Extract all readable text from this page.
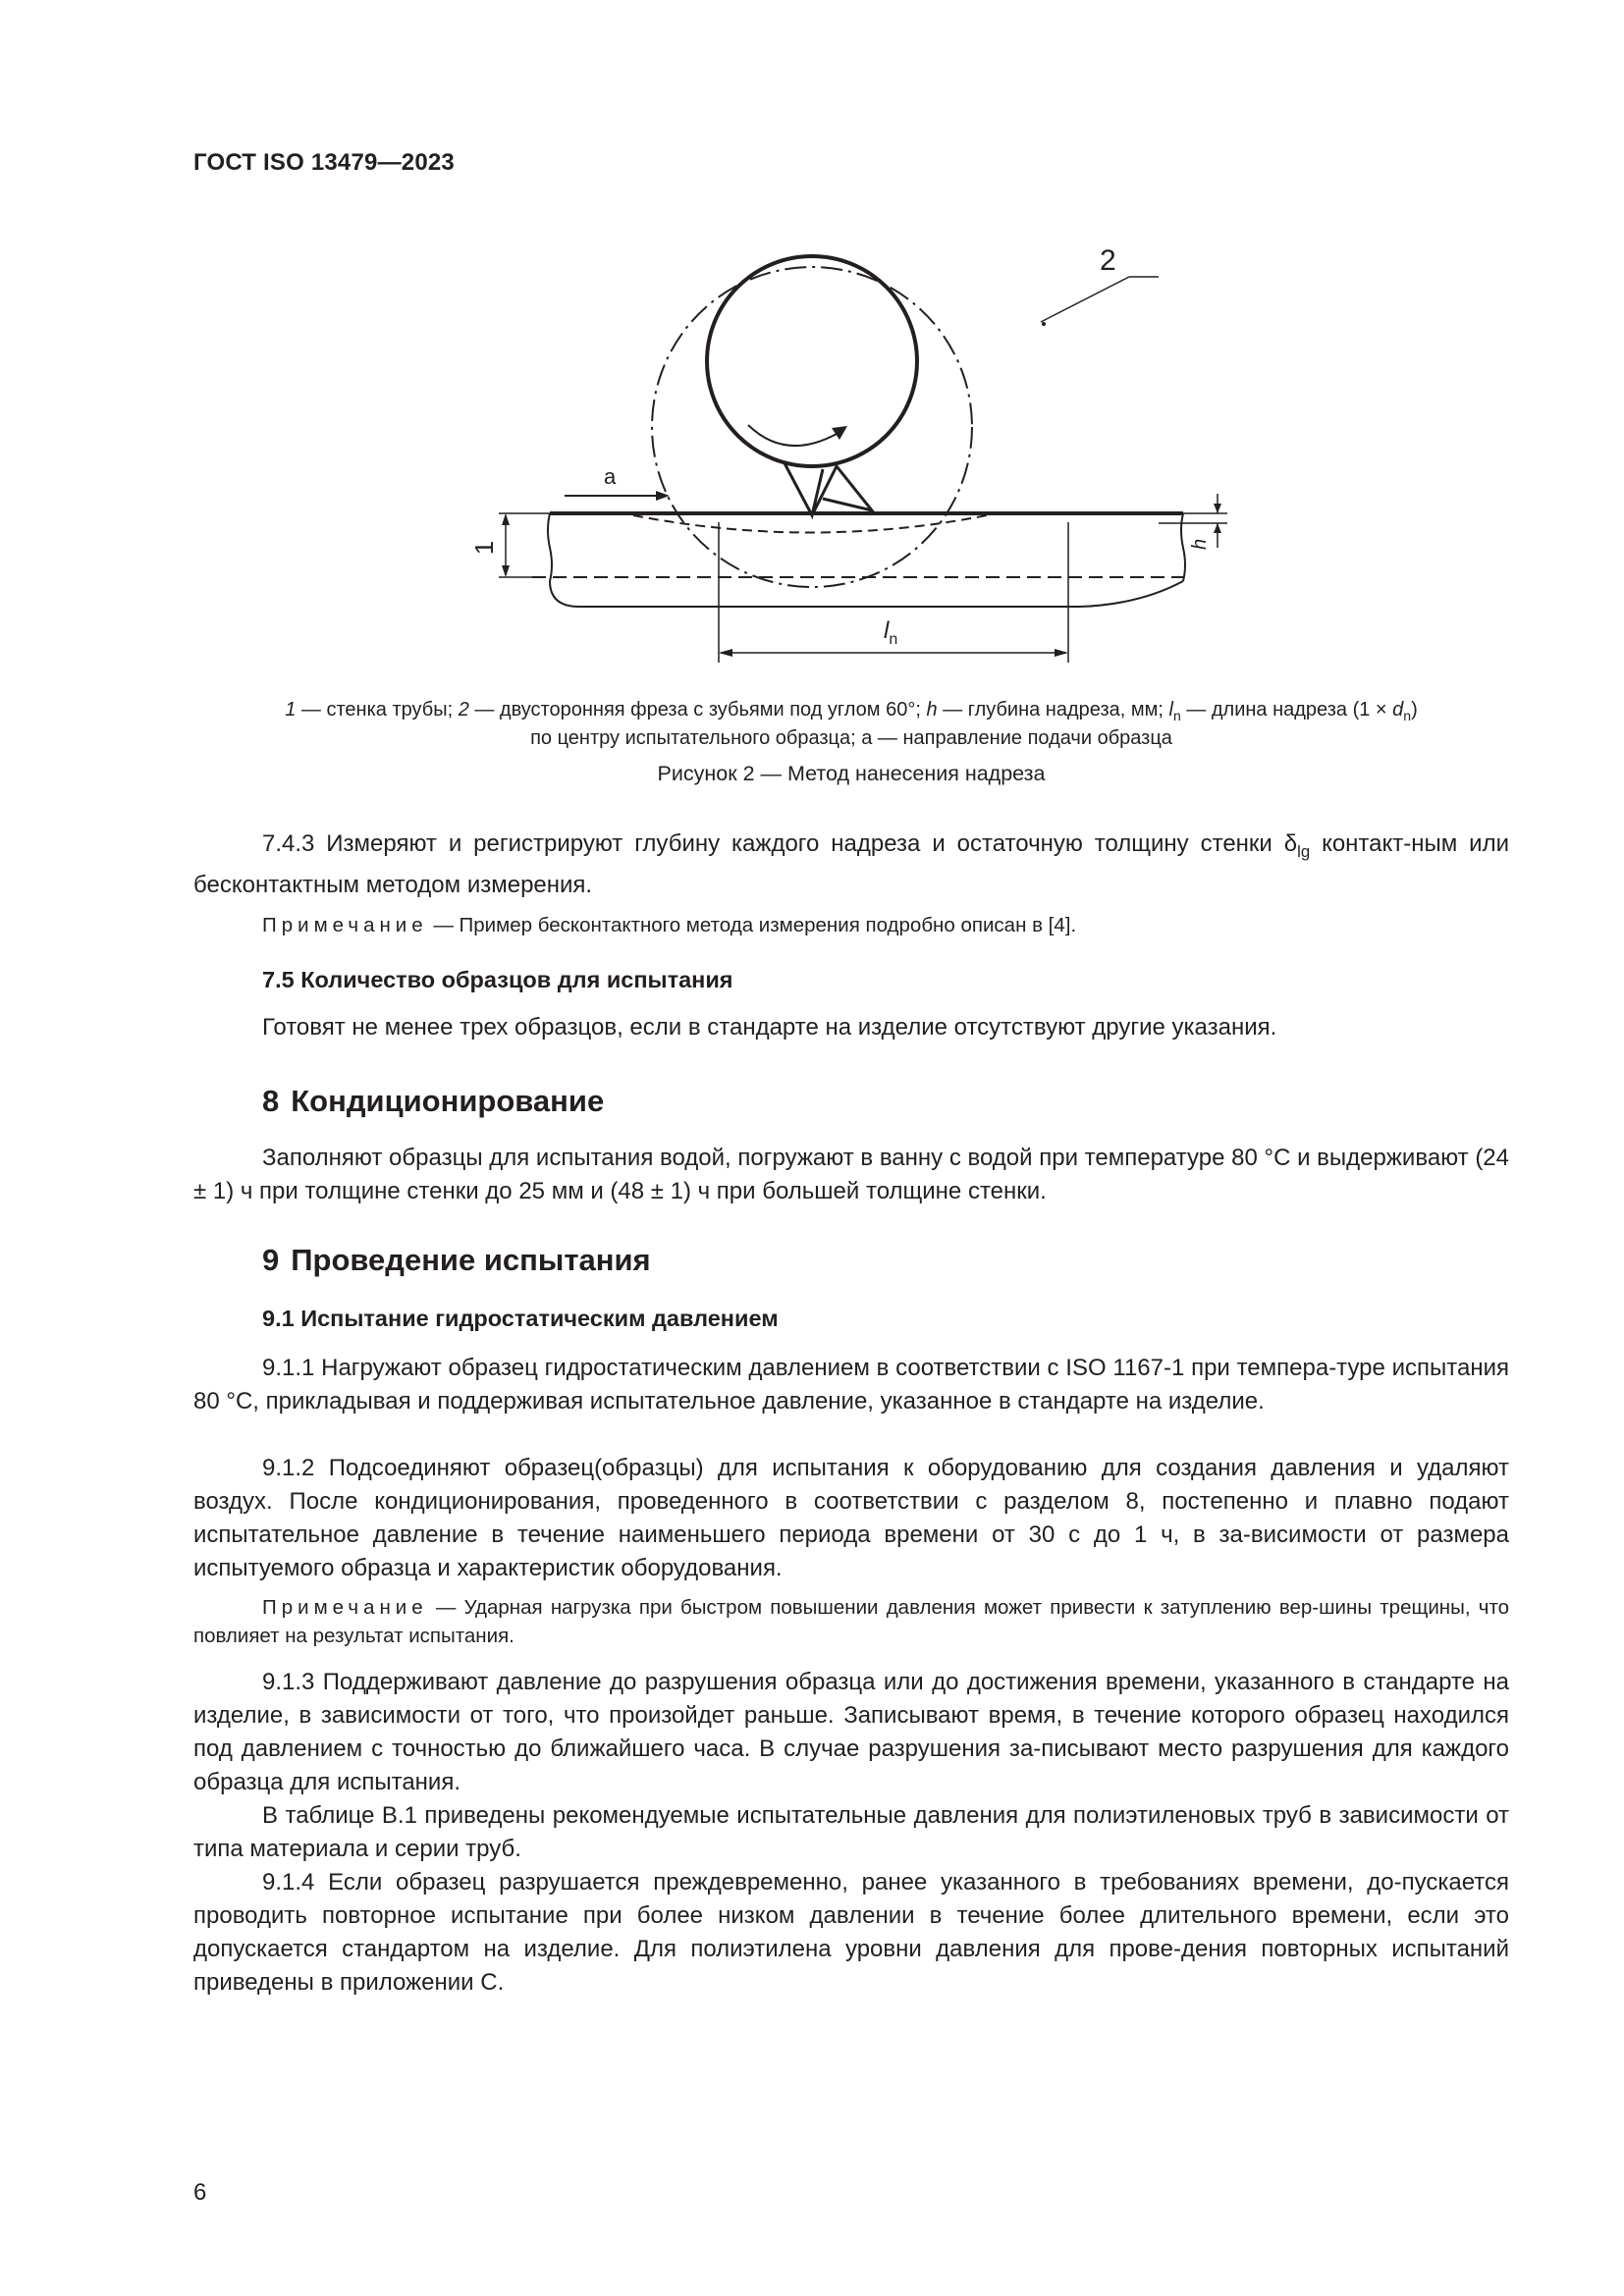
ГОСТ ISO 13479—2023
1
a
2
h
$l_n$
1 — стенка трубы; 2 — двусторонняя фреза с зубьями под углом 60°; h — глубина надреза, мм; $l_n$ — длина надреза $(1 \times d_n)$
по центру испытательного образца; а — направление подачи образца
Рисунок 2 — Метод нанесения надреза
7.4.3 Измеряют и регистрируют глубину каждого надреза и остаточную толщину стенки $\delta_{lg}$ контакт-ным или бесконтактным методом измерения.
Примечание — Пример бесконтактного метода измерения подробно описан в [4].
7.5 Количество образцов для испытания
Готовят не менее трех образцов, если в стандарте на изделие отсутствуют другие указания.
8 Кондиционирование
Заполняют образцы для испытания водой, погружают в ванну с водой при температуре 80 °С и выдерживают (24 ± 1) ч при толщине стенки до 25 мм и (48 ± 1) ч при большей толщине стенки.
9 Проведение испытания
9.1 Испытание гидростатическим давлением
9.1.1 Нагружают образец гидростатическим давлением в соответствии с ISO 1167-1 при темпера-туре испытания 80 °С, прикладывая и поддерживая испытательное давление, указанное в стандарте на изделие.
9.1.2 Подсоединяют образец(образцы) для испытания к оборудованию для создания давления и удаляют воздух. После кондиционирования, проведенного в соответствии с разделом 8, постепенно и плавно подают испытательное давление в течение наименьшего периода времени от 30 с до 1 ч, в за-висимости от размера испытуемого образца и характеристик оборудования.
Примечание — Ударная нагрузка при быстром повышении давления может привести к затуплению вер-шины трещины, что повлияет на результат испытания.
9.1.3 Поддерживают давление до разрушения образца или до достижения времени, указанного в стандарте на изделие, в зависимости от того, что произойдет раньше. Записывают время, в течение которого образец находился под давлением с точностью до ближайшего часа. В случае разрушения за-писывают место разрушения для каждого образца для испытания.
В таблице В.1 приведены рекомендуемые испытательные давления для полиэтиленовых труб в зависимости от типа материала и серии труб.
9.1.4 Если образец разрушается преждевременно, ранее указанного в требованиях времени, до-пускается проводить повторное испытание при более низком давлении в течение более длительного времени, если это допускается стандартом на изделие. Для полиэтилена уровни давления для прове-дения повторных испытаний приведены в приложении С.
6
